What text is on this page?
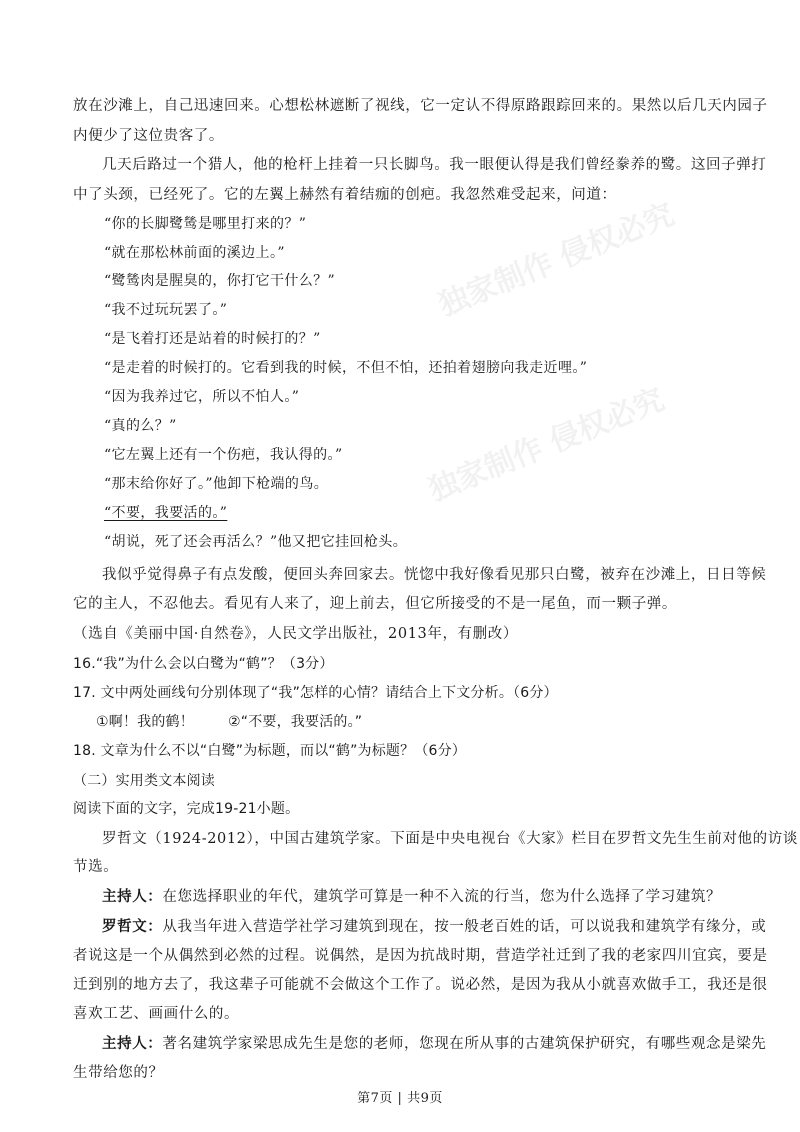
独家制作 侵权必究
独家制作 侵权必究
放在沙滩上，自己迅速回来。心想松林遮断了视线，它一定认不得原路跟踪回来的。果然以后几天内园子
内便少了这位贵客了。
几天后路过一个猎人，他的枪杆上挂着一只长脚鸟。我一眼便认得是我们曾经豢养的鹭。这回子弹打
中了头颈，已经死了。它的左翼上赫然有着结痂的创疤。我忽然难受起来，问道：
“你的长脚鹭鸶是哪里打来的？”
“就在那松林前面的溪边上。”
“鹭鸶肉是腥臭的，你打它干什么？”
“我不过玩玩罢了。”
“是飞着打还是站着的时候打的？”
“是走着的时候打的。它看到我的时候，不但不怕，还拍着翅膀向我走近哩。”
“因为我养过它，所以不怕人。”
“真的么？”
“它左翼上还有一个伤疤，我认得的。”
“那末给你好了。”他卸下枪端的鸟。
“不要，我要活的。”
“胡说，死了还会再活么？”他又把它挂回枪头。
我似乎觉得鼻子有点发酸，便回头奔回家去。恍惚中我好像看见那只白鹭，被弃在沙滩上，日日等候
它的主人，不忍他去。看见有人来了，迎上前去，但它所接受的不是一尾鱼，而一颗子弹。
（选自《美丽中国·自然卷》，人民文学出版社，2013年，有删改）
16.“我”为什么会以白鹭为“鹤”？（3分）
17. 文中两处画线句分别体现了“我”怎样的心情？请结合上下文分析。（6分）
①啊！我的鹤！ ②“不要，我要活的。”
18. 文章为什么不以“白鹭”为标题，而以“鹤”为标题？（6分）
（二）实用类文本阅读
阅读下面的文字，完成19-21小题。
罗哲文（1924-2012），中国古建筑学家。下面是中央电视台《大家》栏目在罗哲文先生生前对他的访谈
节选。
主持人：在您选择职业的年代，建筑学可算是一种不入流的行当，您为什么选择了学习建筑？
罗哲文：从我当年进入营造学社学习建筑到现在，按一般老百姓的话，可以说我和建筑学有缘分，或
者说这是一个从偶然到必然的过程。说偶然，是因为抗战时期，营造学社迁到了我的老家四川宜宾，要是
迁到别的地方去了，我这辈子可能就不会做这个工作了。说必然，是因为我从小就喜欢做手工，我还是很
喜欢工艺、画画什么的。
主持人：著名建筑学家梁思成先生是您的老师，您现在所从事的古建筑保护研究，有哪些观念是梁先
生带给您的？
第7页 | 共9页
